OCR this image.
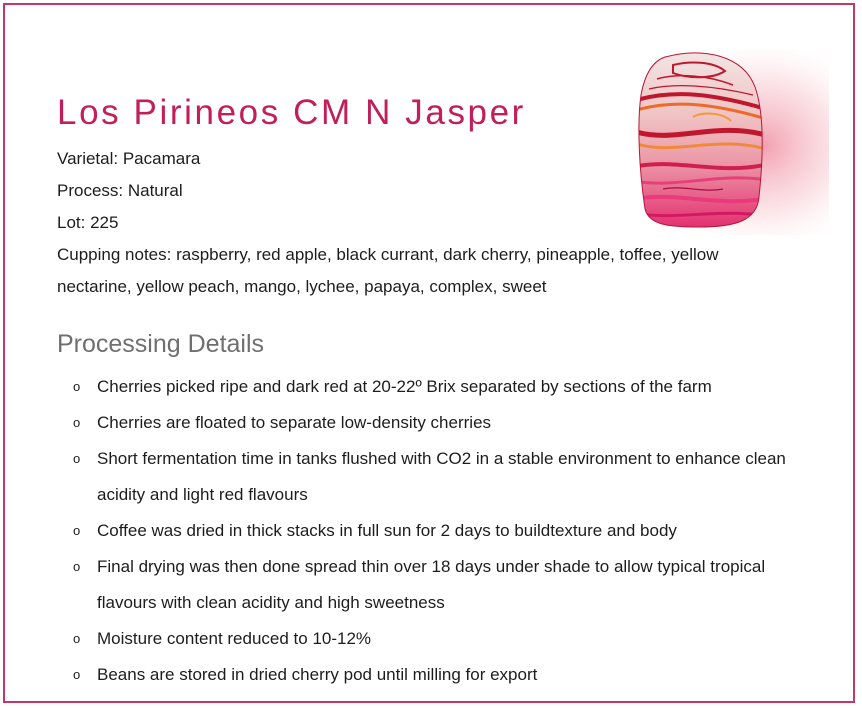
Los Pirineos CM N Jasper
Varietal: Pacamara
Process: Natural
Lot: 225
Cupping notes: raspberry, red apple, black currant, dark cherry, pineapple, toffee, yellow nectarine, yellow peach, mango, lychee, papaya, complex, sweet
Processing Details
o Cherries picked ripe and dark red at 20-22º Brix separated by sections of the farm
o Cherries are floated to separate low-density cherries
o Short fermentation time in tanks flushed with CO2 in a stable environment to enhance clean acidity and light red flavours
o Coffee was dried in thick stacks in full sun for 2 days to buildtexture and body
o Final drying was then done spread thin over 18 days under shade to allow typical tropical flavours with clean acidity and high sweetness
o Moisture content reduced to 10-12%
o Beans are stored in dried cherry pod until milling for export
